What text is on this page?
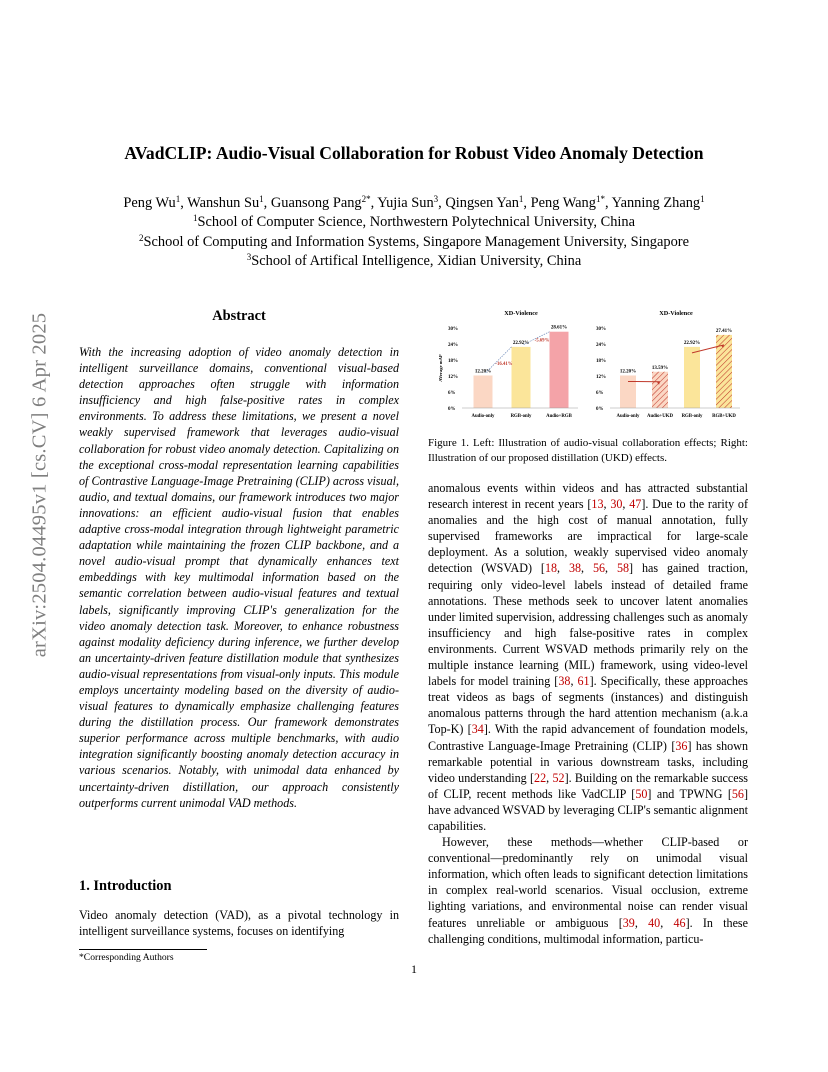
arXiv:2504.04495v1 [cs.CV] 6 Apr 2025
AVadCLIP: Audio-Visual Collaboration for Robust Video Anomaly Detection
Peng Wu$^1$, Wanshun Su$^1$, Guansong Pang$^{2*}$, Yujia Sun$^3$, Qingsen Yan$^1$, Peng Wang$^{1*}$, Yanning Zhang$^1$
$^1$School of Computer Science, Northwestern Polytechnical University, China
$^2$School of Computing and Information Systems, Singapore Management University, Singapore
$^3$School of Artifical Intelligence, Xidian University, China
Abstract
With the increasing adoption of video anomaly detection in intelligent surveillance domains, conventional visual-based detection approaches often struggle with information insufficiency and high false-positive rates in complex environments. To address these limitations, we present a novel weakly supervised framework that leverages audio-visual collaboration for robust video anomaly detection. Capitalizing on the exceptional cross-modal representation learning capabilities of Contrastive Language-Image Pretraining (CLIP) across visual, audio, and textual domains, our framework introduces two major innovations: an efficient audio-visual fusion that enables adaptive cross-modal integration through lightweight parametric adaptation while maintaining the frozen CLIP backbone, and a novel audio-visual prompt that dynamically enhances text embeddings with key multimodal information based on the semantic correlation between audio-visual features and textual labels, significantly improving CLIP's generalization for the video anomaly detection task. Moreover, to enhance robustness against modality deficiency during inference, we further develop an uncertainty-driven feature distillation module that synthesizes audio-visual representations from visual-only inputs. This module employs uncertainty modeling based on the diversity of audio-visual features to dynamically emphasize challenging features during the distillation process. Our framework demonstrates superior performance across multiple benchmarks, with audio integration significantly boosting anomaly detection accuracy in various scenarios. Notably, with unimodal data enhanced by uncertainty-driven distillation, our approach consistently outperforms current unimodal VAD methods.
1. Introduction
Video anomaly detection (VAD), as a pivotal technology in intelligent surveillance systems, focuses on identifying
*Corresponding Authors
XD-Violence
0%
6%
12%
18%
24%
30%
AVerage mAP	12.20%
Audio-only
22.92%
RGB-only
28.61%
Audio+RGB
-16.41%
-5.69%
XD-Violence
0%
6%
12%
18%
24%
30%
12.20%
Audio-only
13.59%
Audio+UKD
22.92%
RGB-only
27.41%
RGB+UKD
Figure 1. Left: Illustration of audio-visual collaboration effects; Right: Illustration of our proposed distillation (UKD) effects.

anomalous events within videos and has attracted substantial research interest in recent years [13, 30, 47]. Due to the rarity of anomalies and the high cost of manual annotation, fully supervised frameworks are impractical for large-scale deployment. As a solution, weakly supervised video anomaly detection (WSVAD) [18, 38, 56, 58] has gained traction, requiring only video-level labels instead of detailed frame annotations. These methods seek to uncover latent anomalies under limited supervision, addressing challenges such as anomaly insufficiency and high false-positive rates in complex environments. Current WSVAD methods primarily rely on the multiple instance learning (MIL) framework, using video-level labels for model training [38, 61]. Specifically, these approaches treat videos as bags of segments (instances) and distinguish anomalous patterns through the hard attention mechanism (a.k.a Top-K) [34]. With the rapid advancement of foundation models, Contrastive Language-Image Pretraining (CLIP) [36] has shown remarkable potential in various downstream tasks, including video understanding [22, 52]. Building on the remarkable success of CLIP, recent methods like VadCLIP [50] and TPWNG [56] have advanced WSVAD by leveraging CLIP's semantic alignment capabilities.

However, these methods—whether CLIP-based or conventional—predominantly rely on unimodal visual information, which often leads to significant detection limitations in complex real-world scenarios. Visual occlusion, extreme lighting variations, and environmental noise can render visual features unreliable or ambiguous [39, 40, 46]. In these challenging conditions, multimodal information, particu-

1
